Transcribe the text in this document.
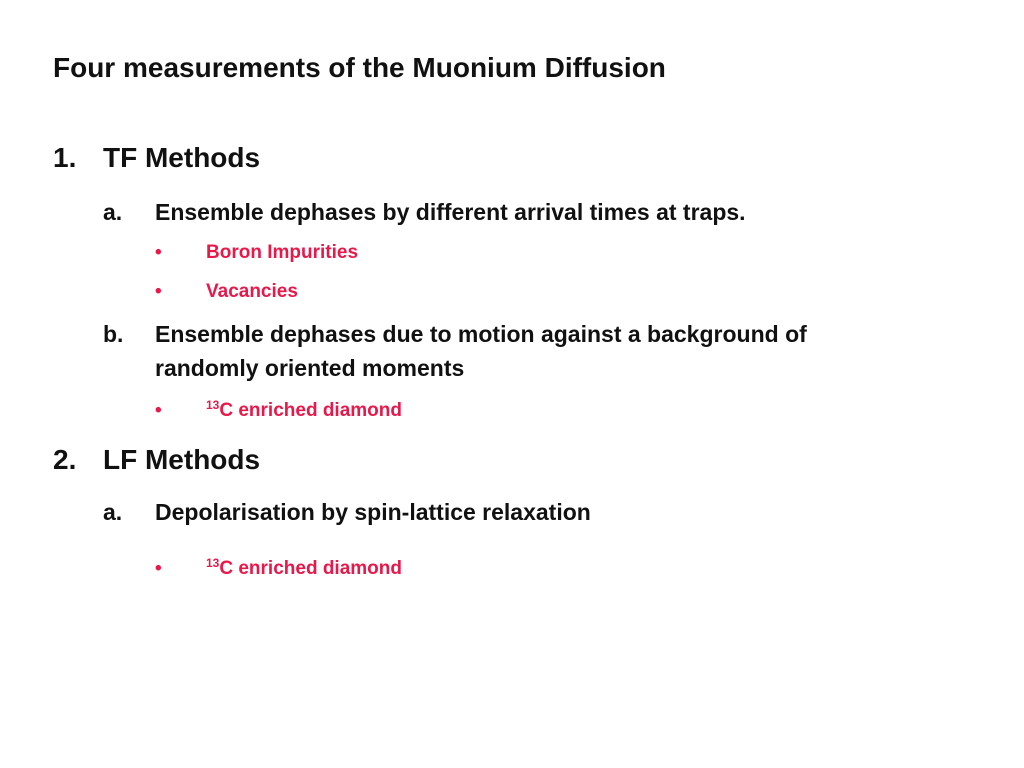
Four measurements of the Muonium Diffusion
1. TF Methods
a. Ensemble dephases by different arrival times at traps.
• Boron Impurities
• Vacancies
b. Ensemble dephases due to motion against a background of
randomly oriented moments
•	$^{13}$C enriched diamond
2. LF Methods
a. Depolarisation by spin-lattice relaxation
•	$^{13}$C enriched diamond
